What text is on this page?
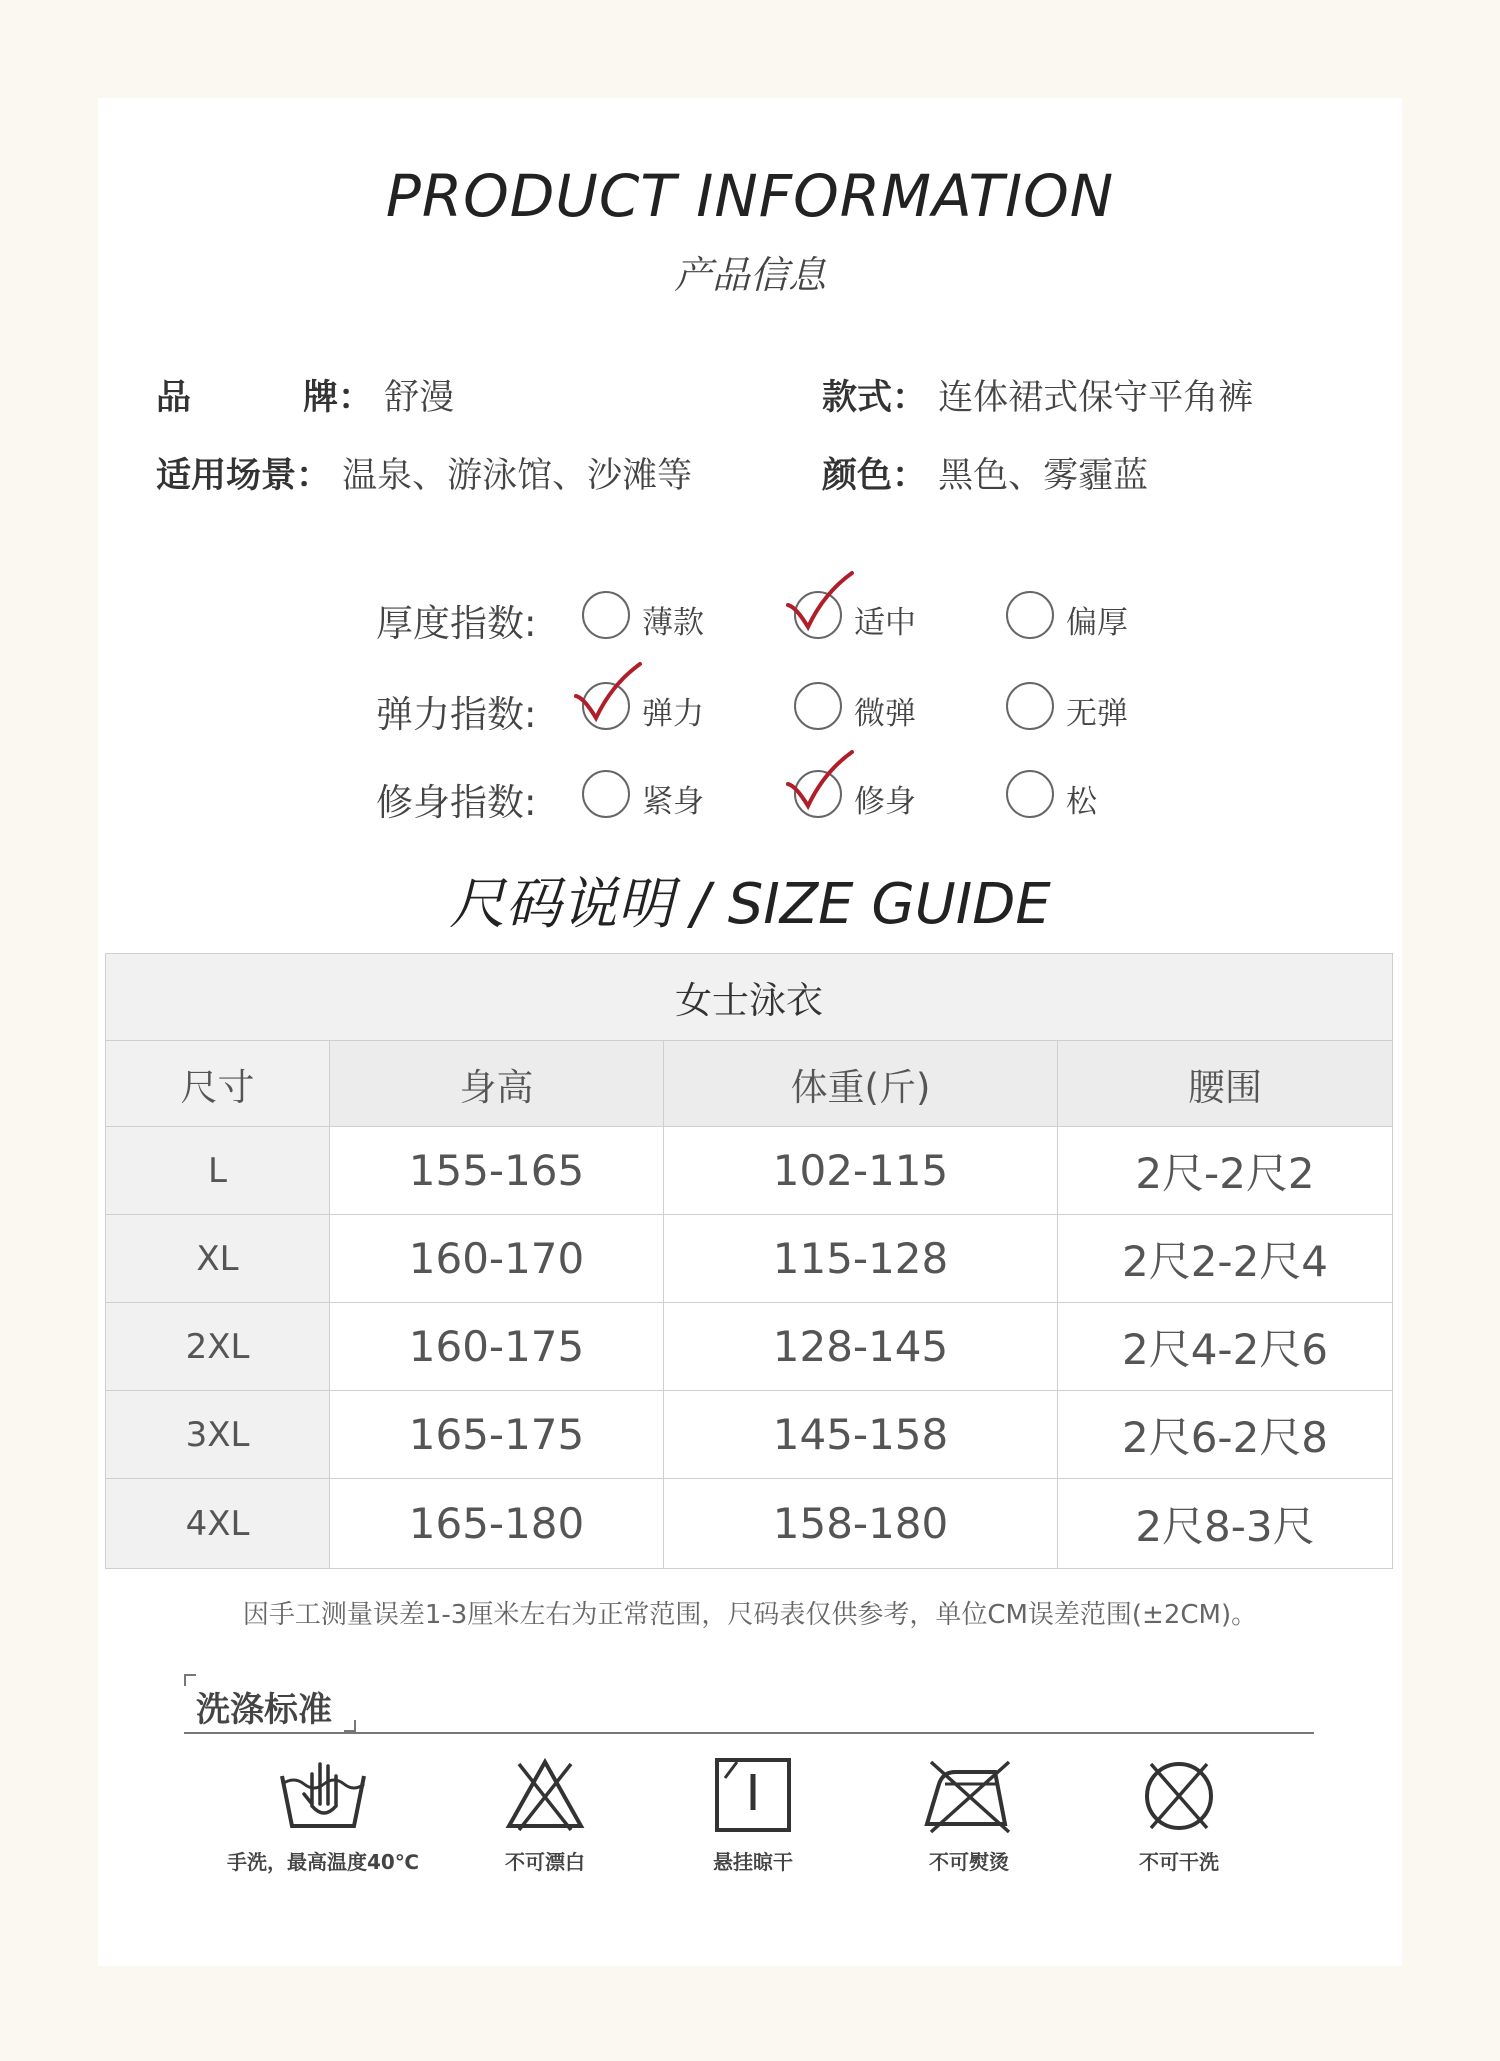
PRODUCT INFORMATION
产品信息
品	牌： 舒漫	款式： 连体裙式保守平角裤
适用场景： 温泉、游泳馆、沙滩等	颜色： 黑色、雾霾蓝
厚度指数:	薄款	适中	偏厚
弹力指数:	弹力	微弹	无弹
修身指数:	紧身	修身	松
尺码说明 / SIZE GUIDE
女士泳衣			
尺寸	身高	体重(斤)	腰围
L	155-165	102-115	2尺-2尺2
XL	160-170	115-128	2尺2-2尺4
2XL	160-175	128-145	2尺4-2尺6
3XL	165-175	145-158	2尺6-2尺8
4XL	165-180	158-180	2尺8-3尺
因手工测量误差1-3厘米左右为正常范围，尺码表仅供参考，单位CM误差范围(±2CM)。
洗涤标准
手洗，最高温度40℃	不可漂白	悬挂晾干	不可熨烫	不可干洗
